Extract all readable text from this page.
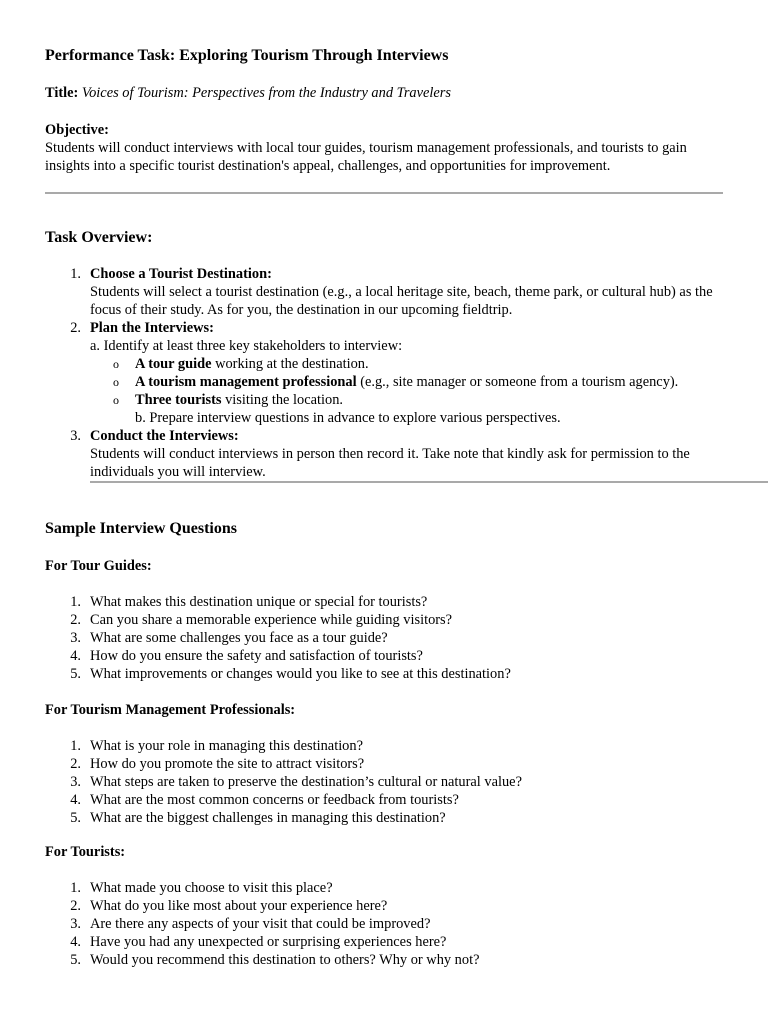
Performance Task: Exploring Tourism Through Interviews
Title: Voices of Tourism: Perspectives from the Industry and Travelers
Objective:
Students will conduct interviews with local tour guides, tourism management professionals, and tourists to gain insights into a specific tourist destination's appeal, challenges, and opportunities for improvement.
Task Overview:
1. Choose a Tourist Destination:
Students will select a tourist destination (e.g., a local heritage site, beach, theme park, or cultural hub) as the focus of their study. As for you, the destination in our upcoming fieldtrip.
2. Plan the Interviews:
a. Identify at least three key stakeholders to interview:
o A tour guide working at the destination.
o A tourism management professional (e.g., site manager or someone from a tourism agency).
o Three tourists visiting the location.
b. Prepare interview questions in advance to explore various perspectives.
3. Conduct the Interviews:
Students will conduct interviews in person then record it. Take note that kindly ask for permission to the individuals you will interview.
Sample Interview Questions
For Tour Guides:
1. What makes this destination unique or special for tourists?
2. Can you share a memorable experience while guiding visitors?
3. What are some challenges you face as a tour guide?
4. How do you ensure the safety and satisfaction of tourists?
5. What improvements or changes would you like to see at this destination?
For Tourism Management Professionals:
1. What is your role in managing this destination?
2. How do you promote the site to attract visitors?
3. What steps are taken to preserve the destination’s cultural or natural value?
4. What are the most common concerns or feedback from tourists?
5. What are the biggest challenges in managing this destination?
For Tourists:
1. What made you choose to visit this place?
2. What do you like most about your experience here?
3. Are there any aspects of your visit that could be improved?
4. Have you had any unexpected or surprising experiences here?
5. Would you recommend this destination to others? Why or why not?
